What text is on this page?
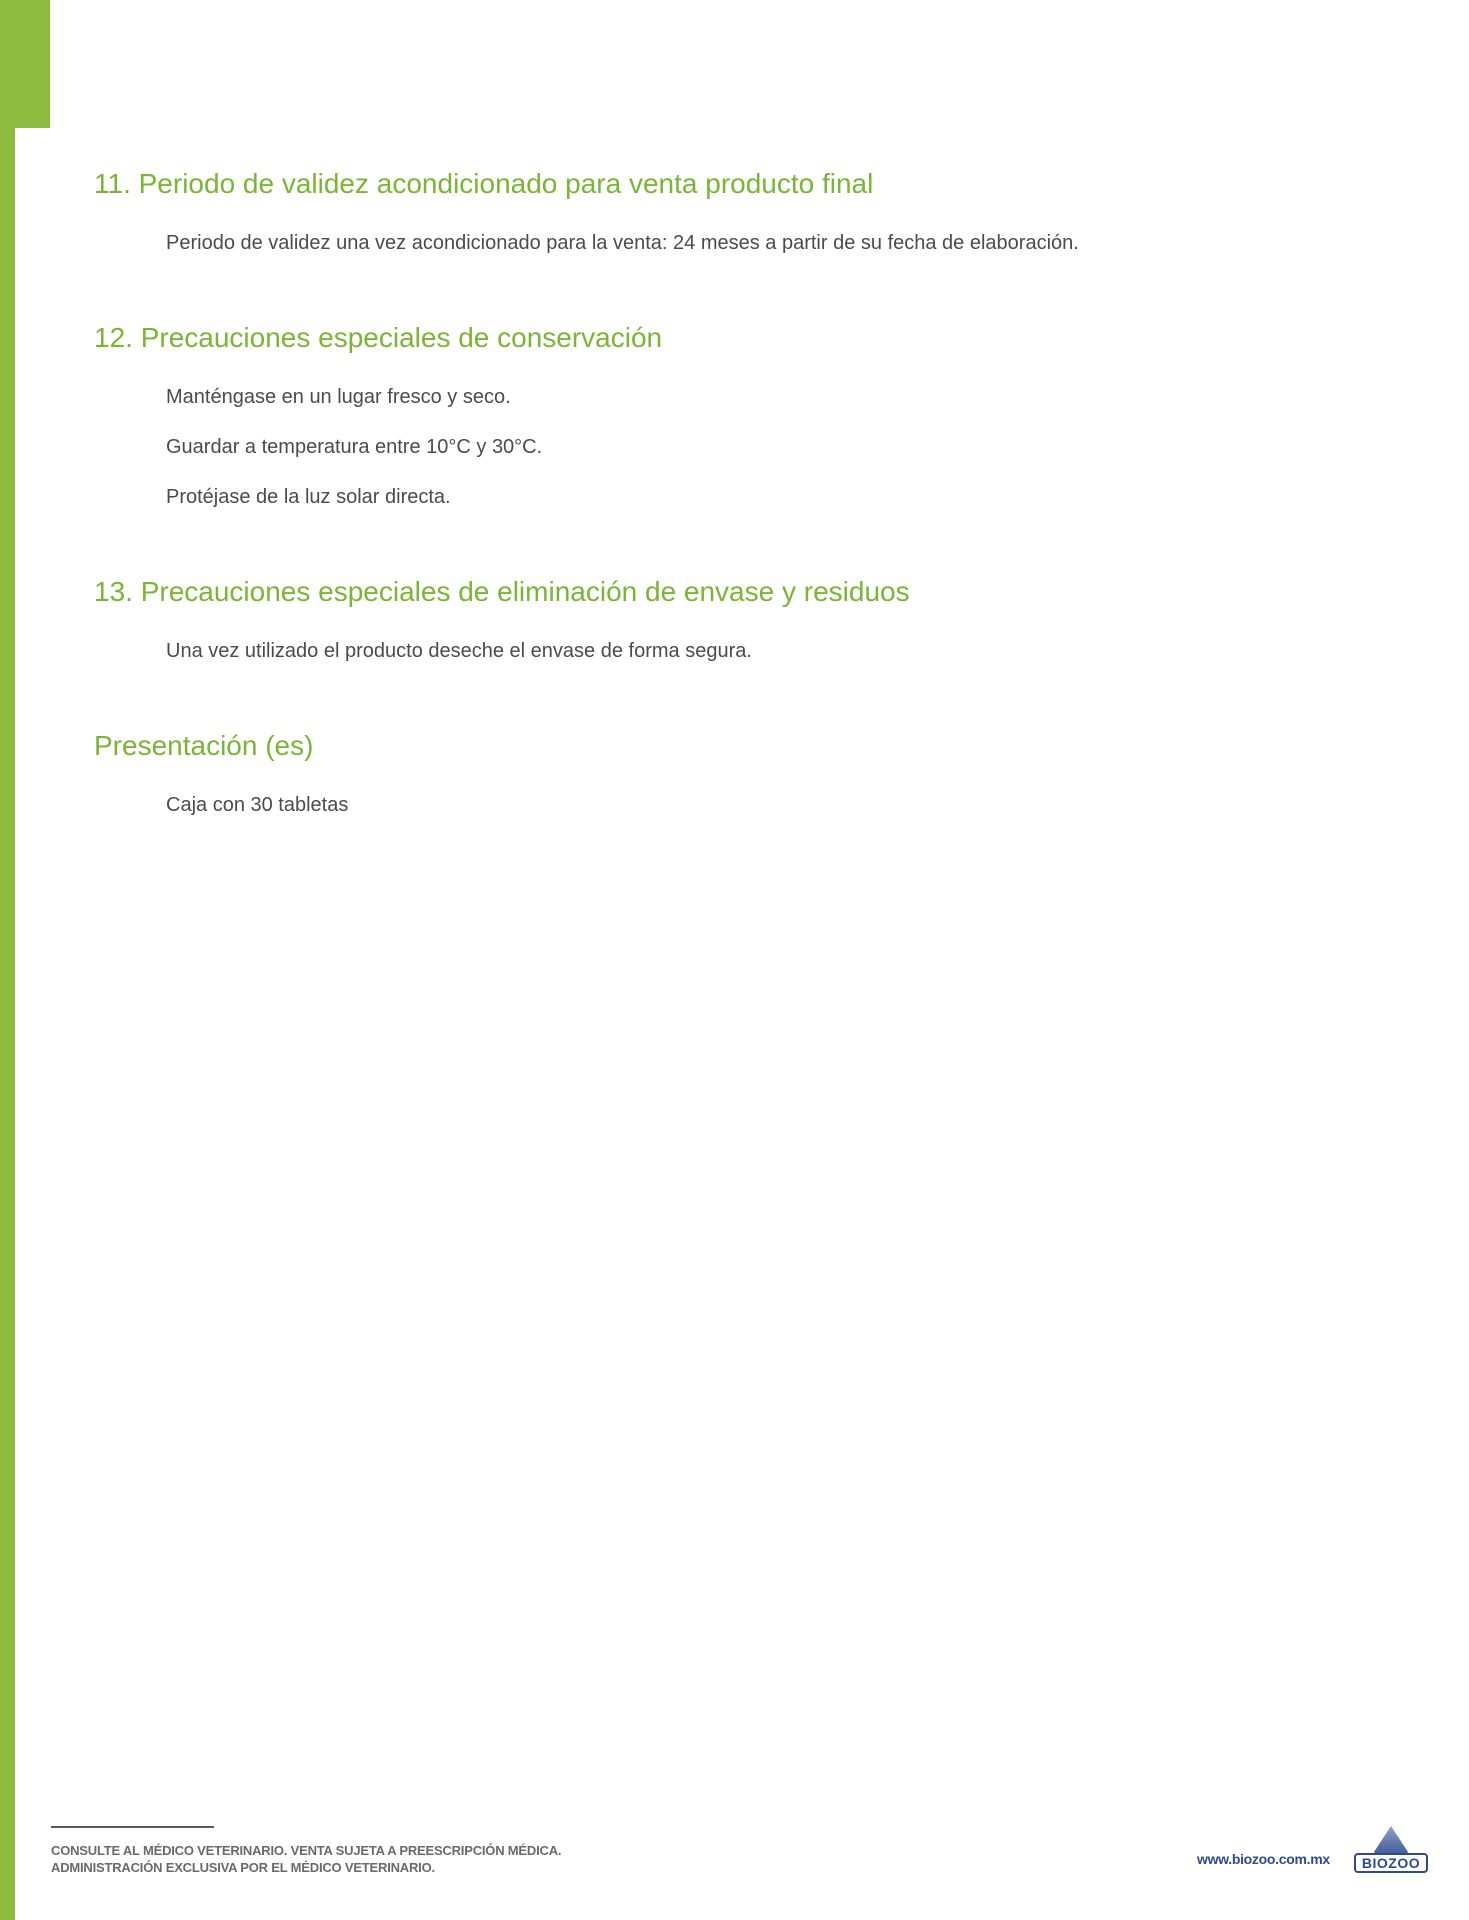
11. Periodo de validez acondicionado para venta producto final

Periodo de validez una vez acondicionado para la venta: 24 meses a partir de su fecha de elaboración.

12. Precauciones especiales de conservación

Manténgase en un lugar fresco y seco.

Guardar a temperatura entre 10°C y 30°C.

Protéjase de la luz solar directa.

13. Precauciones especiales de eliminación de envase y residuos

Una vez utilizado el producto deseche el envase de forma segura.

Presentación (es)

Caja con 30 tabletas

CONSULTE AL MÉDICO VETERINARIO. VENTA SUJETA A PREESCRIPCIÓN MÉDICA.
ADMINISTRACIÓN EXCLUSIVA POR EL MÉDICO VETERINARIO.
www.biozoo.com.mx BIOZOO
